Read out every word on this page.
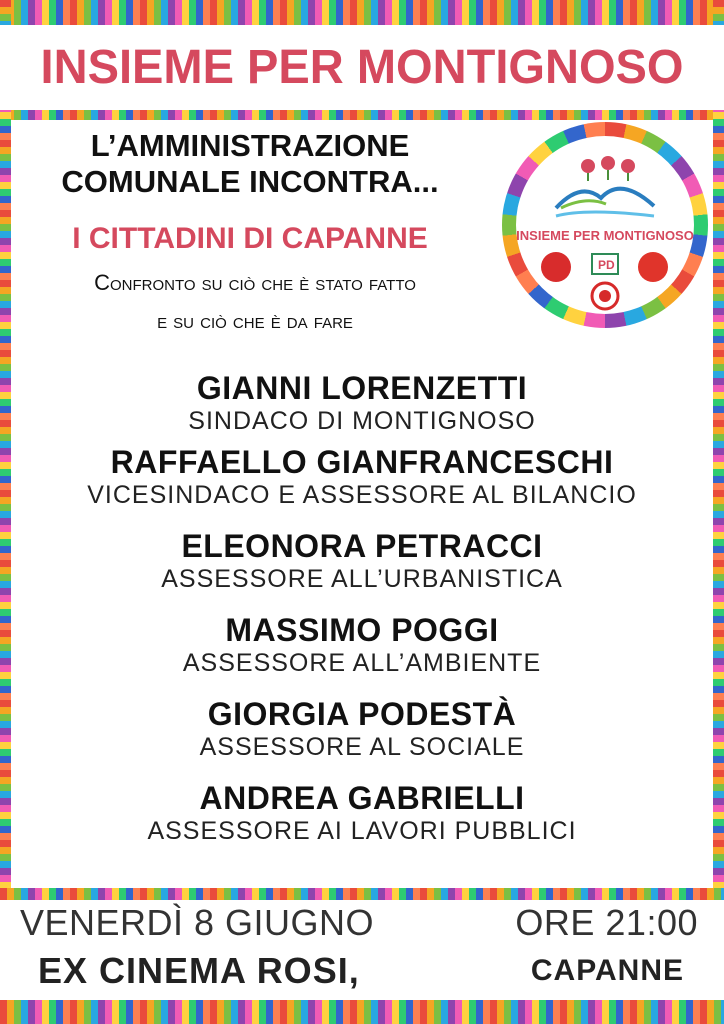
INSIEME PER MONTIGNOSO
L’AMMINISTRAZIONE
COMUNALE INCONTRA...
I CITTADINI DI CAPANNE
Confronto su ciò che è stato fatto
e su ciò che è da fare
PD
INSIEME PER MONTIGNOSO
GIANNI LORENZETTI
SINDACO DI MONTIGNOSO
RAFFAELLO GIANFRANCESCHI
VICESINDACO E ASSESSORE AL BILANCIO
ELEONORA PETRACCI
ASSESSORE ALL’URBANISTICA
MASSIMO POGGI
ASSESSORE ALL’AMBIENTE
GIORGIA PODESTÀ
ASSESSORE AL SOCIALE
ANDREA GABRIELLI
ASSESSORE AI LAVORI PUBBLICI
VENERDÌ 8 GIUGNO
EX CINEMA ROSI,
ORE 21:00
CAPANNE
